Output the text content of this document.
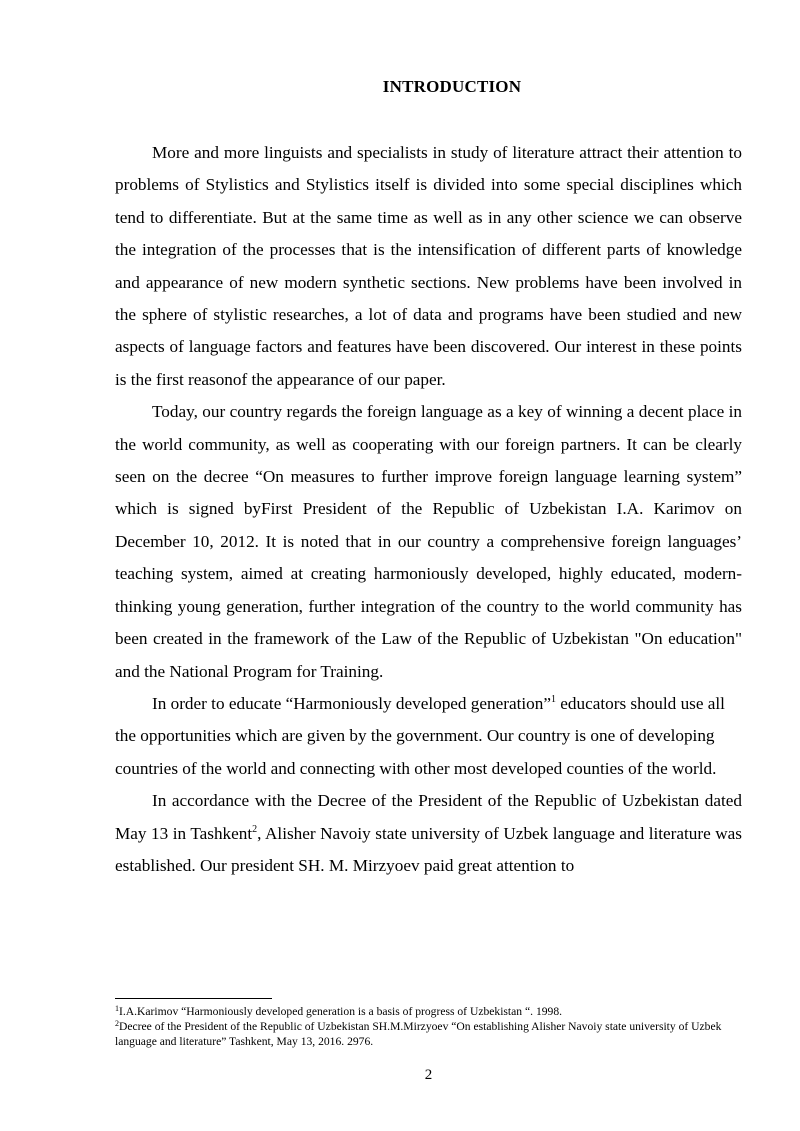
INTRODUCTION

More and more linguists and specialists in study of literature attract their attention to problems of Stylistics and Stylistics itself is divided into some special disciplines which tend to differentiate. But at the same time as well as in any other science we can observe the integration of the processes that is the intensification of different parts of knowledge and appearance of new modern synthetic sections. New problems have been involved in the sphere of stylistic researches, a lot of data and programs have been studied and new aspects of language factors and features have been discovered. Our interest in these points is the first reasonof the appearance of our paper.

Today, our country regards the foreign language as a key of winning a decent place in the world community, as well as cooperating with our foreign partners. It can be clearly seen on the decree “On measures to further improve foreign language learning system” which is signed byFirst President of the Republic of Uzbekistan I.A. Karimov on December 10, 2012. It is noted that in our country a comprehensive foreign languages’ teaching system, aimed at creating harmoniously developed, highly educated, modern-thinking young generation, further integration of the country to the world community has been created in the framework of the Law of the Republic of Uzbekistan "On education" and the National Program for Training.

In order to educate “Harmoniously developed generation”$^1$ educators should use all the opportunities which are given by the government. Our country is one of developing countries of the world and connecting with other most developed counties of the world.

In accordance with the Decree of the President of the Republic of Uzbekistan dated May 13 in Tashkent$^2$, Alisher Navoiy state university of Uzbek language and literature was established. Our president SH. M. Mirzyoev paid great attention to

$^1$I.A.Karimov “Harmoniously developed generation is a basis of progress of Uzbekistan “. 1998.

$^2$Decree of the President of the Republic of Uzbekistan SH.M.Mirzyoev “On establishing Alisher Navoiy state university of Uzbek language and literature” Tashkent, May 13, 2016. 2976.

2
